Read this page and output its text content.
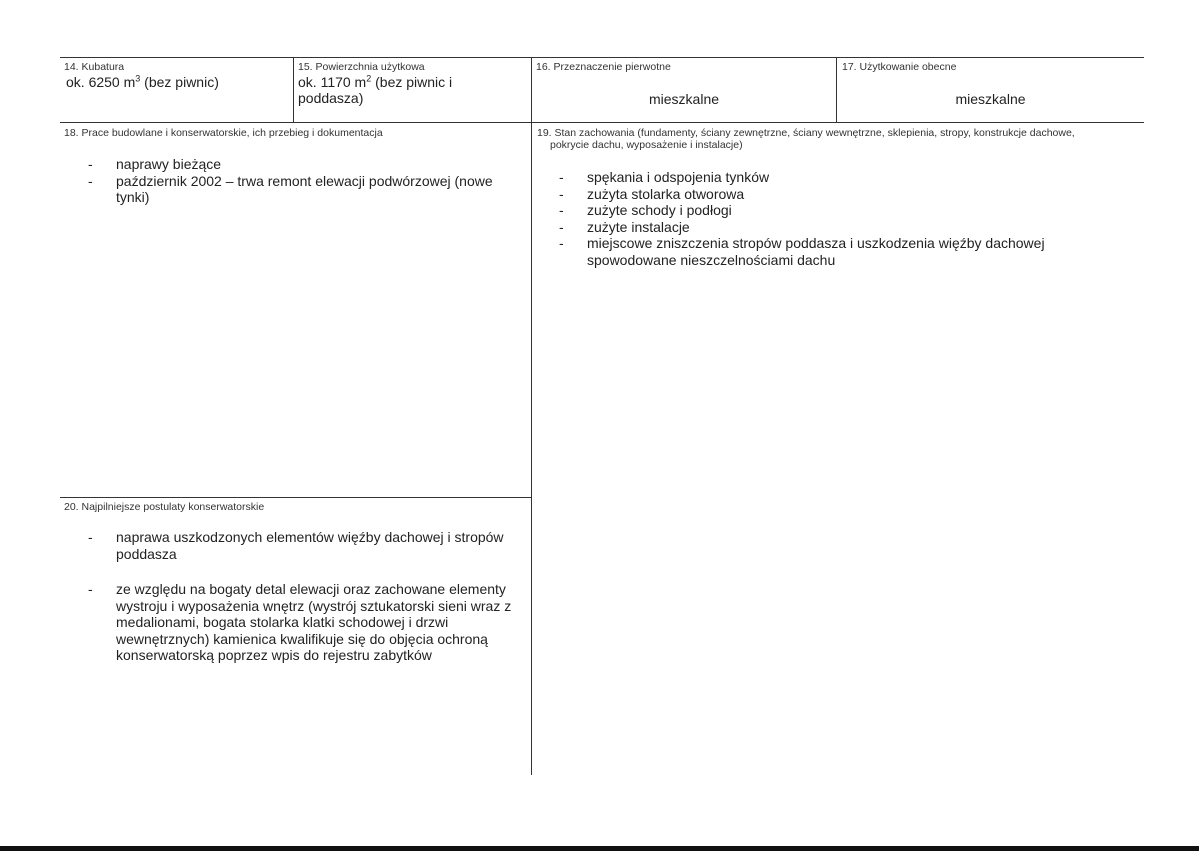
14. Kubatura
ok. 6250 $m^3$ (bez piwnic)
15. Powierzchnia użytkowa
ok. 1170 $m^2$ (bez piwnic i poddasza)
16. Przeznaczenie pierwotne
mieszkalne
17. Użytkowanie obecne
mieszkalne
18. Prace budowlane i konserwatorskie, ich przebieg i dokumentacja
- naprawy bieżące
- październik 2002 – trwa remont elewacji podwórzowej (nowe tynki)
19. Stan zachowania (fundamenty, ściany zewnętrzne, ściany wewnętrzne, sklepienia, stropy, konstrukcje dachowe,
pokrycie dachu, wyposażenie i instalacje)
- spękania i odspojenia tynków
- zużyta stolarka otworowa
- zużyte schody i podłogi
- zużyte instalacje
- miejscowe zniszczenia stropów poddasza i uszkodzenia więźby dachowej spowodowane nieszczelnościami dachu
20. Najpilniejsze postulaty konserwatorskie
- naprawa uszkodzonych elementów więźby dachowej i stropów poddasza
- ze względu na bogaty detal elewacji oraz zachowane elementy wystroju i wyposażenia wnętrz (wystrój sztukatorski sieni wraz z medalionami, bogata stolarka klatki schodowej i drzwi wewnętrznych) kamienica kwalifikuje się do objęcia ochroną konserwatorską poprzez wpis do rejestru zabytków
